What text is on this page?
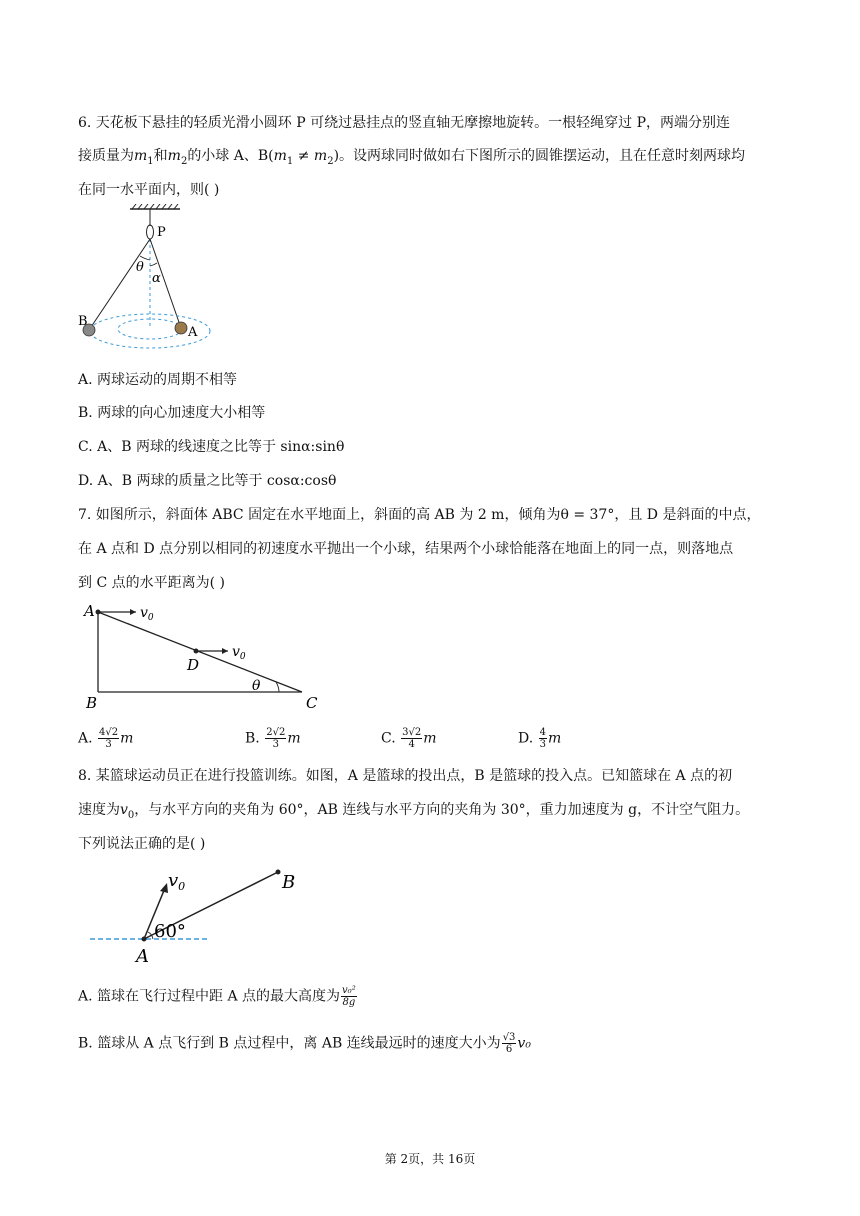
6. 天花板下悬挂的轻质光滑小圆环 P 可绕过悬挂点的竖直轴无摩擦地旋转。一根轻绳穿过 P，两端分别连
接质量为$m_1$和$m_2$的小球 A、$B(m_1 \ne m_2)$。设两球同时做如右下图所示的圆锥摆运动，且在任意时刻两球均
在同一水平面内，则( )
P
θ
α
B
A
A. 两球运动的周期不相等
B. 两球的向心加速度大小相等
C. A、B 两球的线速度之比等于 sinα:sinθ
D. A、B 两球的质量之比等于 cosα:cosθ
7. 如图所示，斜面体 ABC 固定在水平地面上，斜面的高 AB 为 2 m，倾角为θ = 37°，且 D 是斜面的中点，
在 A 点和 D 点分别以相同的初速度水平抛出一个小球，结果两个小球恰能落在地面上的同一点，则落地点
到 C 点的水平距离为( )
A
B	C
D
$v_0$
$v_0$
θ
A. $\frac{4√2}{3}$ m	B. $\frac{2√2}{3}$ m	C. $\frac{3√2}{4}$ m	D. $\frac{4}{3}$ m
8. 某篮球运动员正在进行投篮训练。如图，A 是篮球的投出点，B 是篮球的投入点。已知篮球在 A 点的初
速度为$v_0$，与水平方向的夹角为 60°，AB 连线与水平方向的夹角为 30°，重力加速度为 g，不计空气阻力。
下列说法正确的是( )
$v_0$	B
A
60°
A. 篮球在飞行过程中距 A 点的最大高度为 $\frac{\text{v₀²}}{8g}$
B. 篮球从 A 点飞行到 B 点过程中，离 AB 连线最远时的速度大小为 $\frac{√3}{6} v_0$
第 2页，共 16页
